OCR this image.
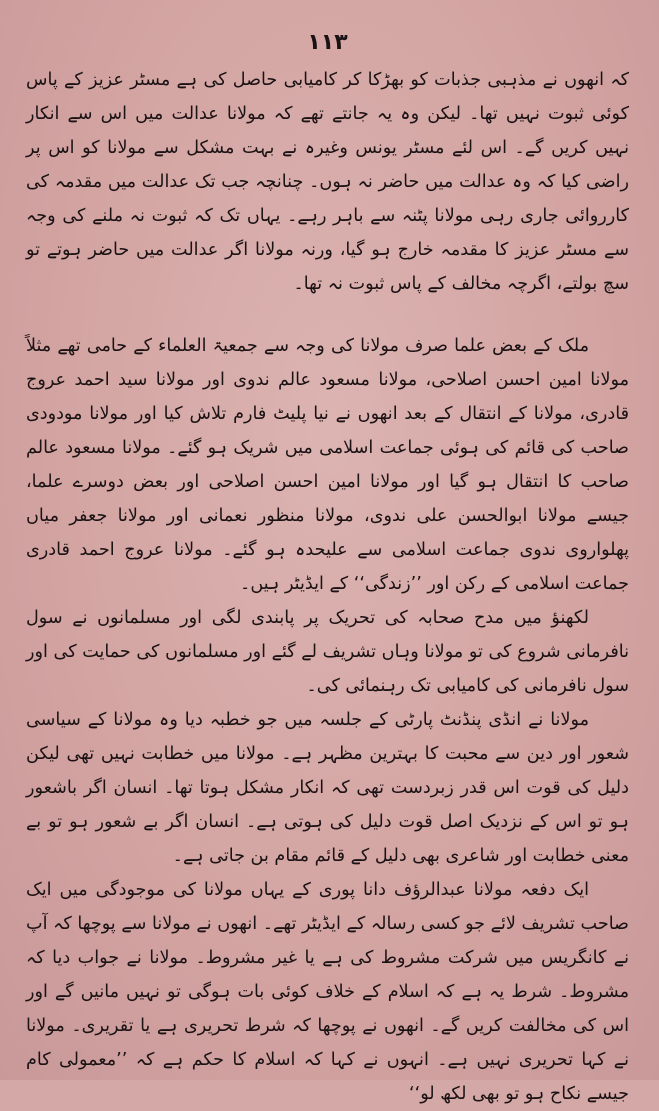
۱۱۳

کہ انھوں نے مذہبی جذبات کو بھڑکا کر کامیابی حاصل کی ہے مسٹر عزیز کے پاس کوئی ثبوت نہیں تھا۔ لیکن وہ یہ جانتے تھے کہ مولانا عدالت میں اس سے انکار نہیں کریں گے۔ اس لئے مسٹر یونس وغیرہ نے بہت مشکل سے مولانا کو اس پر راضی کیا کہ وہ عدالت میں حاضر نہ ہوں۔ چنانچہ جب تک عدالت میں مقدمہ کی کارروائی جاری رہی مولانا پٹنہ سے باہر رہے۔ یہاں تک کہ ثبوت نہ ملنے کی وجہ سے مسٹر عزیز کا مقدمہ خارج ہو گیا، ورنہ مولانا اگر عدالت میں حاضر ہوتے تو سچ بولتے، اگرچہ مخالف کے پاس ثبوت نہ تھا۔

ملک کے بعض علما صرف مولانا کی وجہ سے جمعیۃ العلماء کے حامی تھے مثلاً مولانا امین احسن اصلاحی، مولانا مسعود عالم ندوی اور مولانا سید احمد عروج قادری، مولانا کے انتقال کے بعد انھوں نے نیا پلیٹ فارم تلاش کیا اور مولانا مودودی صاحب کی قائم کی ہوئی جماعت اسلامی میں شریک ہو گئے۔ مولانا مسعود عالم صاحب کا انتقال ہو گیا اور مولانا امین احسن اصلاحی اور بعض دوسرے علما، جیسے مولانا ابوالحسن علی ندوی، مولانا منظور نعمانی اور مولانا جعفر میاں پھلواروی ندوی جماعت اسلامی سے علیحدہ ہو گئے۔ مولانا عروج احمد قادری جماعت اسلامی کے رکن اور ’’زندگی‘‘ کے ایڈیٹر ہیں۔

لکھنؤ میں مدح صحابہ کی تحریک پر پابندی لگی اور مسلمانوں نے سول نافرمانی شروع کی تو مولانا وہاں تشریف لے گئے اور مسلمانوں کی حمایت کی اور سول نافرمانی کی کامیابی تک رہنمائی کی۔

مولانا نے انڈی پنڈنٹ پارٹی کے جلسہ میں جو خطبہ دیا وہ مولانا کے سیاسی شعور اور دین سے محبت کا بہترین مظہر ہے۔ مولانا میں خطابت نہیں تھی لیکن دلیل کی قوت اس قدر زبردست تھی کہ انکار مشکل ہوتا تھا۔ انسان اگر باشعور ہو تو اس کے نزدیک اصل قوت دلیل کی ہوتی ہے۔ انسان اگر بے شعور ہو تو بے معنی خطابت اور شاعری بھی دلیل کے قائم مقام بن جاتی ہے۔

ایک دفعہ مولانا عبدالرؤف دانا پوری کے یہاں مولانا کی موجودگی میں ایک صاحب تشریف لائے جو کسی رسالہ کے ایڈیٹر تھے۔ انھوں نے مولانا سے پوچھا کہ آپ نے کانگریس میں شرکت مشروط کی ہے یا غیر مشروط۔ مولانا نے جواب دیا کہ مشروط۔ شرط یہ ہے کہ اسلام کے خلاف کوئی بات ہوگی تو نہیں مانیں گے اور اس کی مخالفت کریں گے۔ انھوں نے پوچھا کہ شرط تحریری ہے یا تقریری۔ مولانا نے کہا تحریری نہیں ہے۔ انہوں نے کہا کہ اسلام کا حکم ہے کہ ’’معمولی کام جیسے نکاح ہو تو بھی لکھ لو‘‘
